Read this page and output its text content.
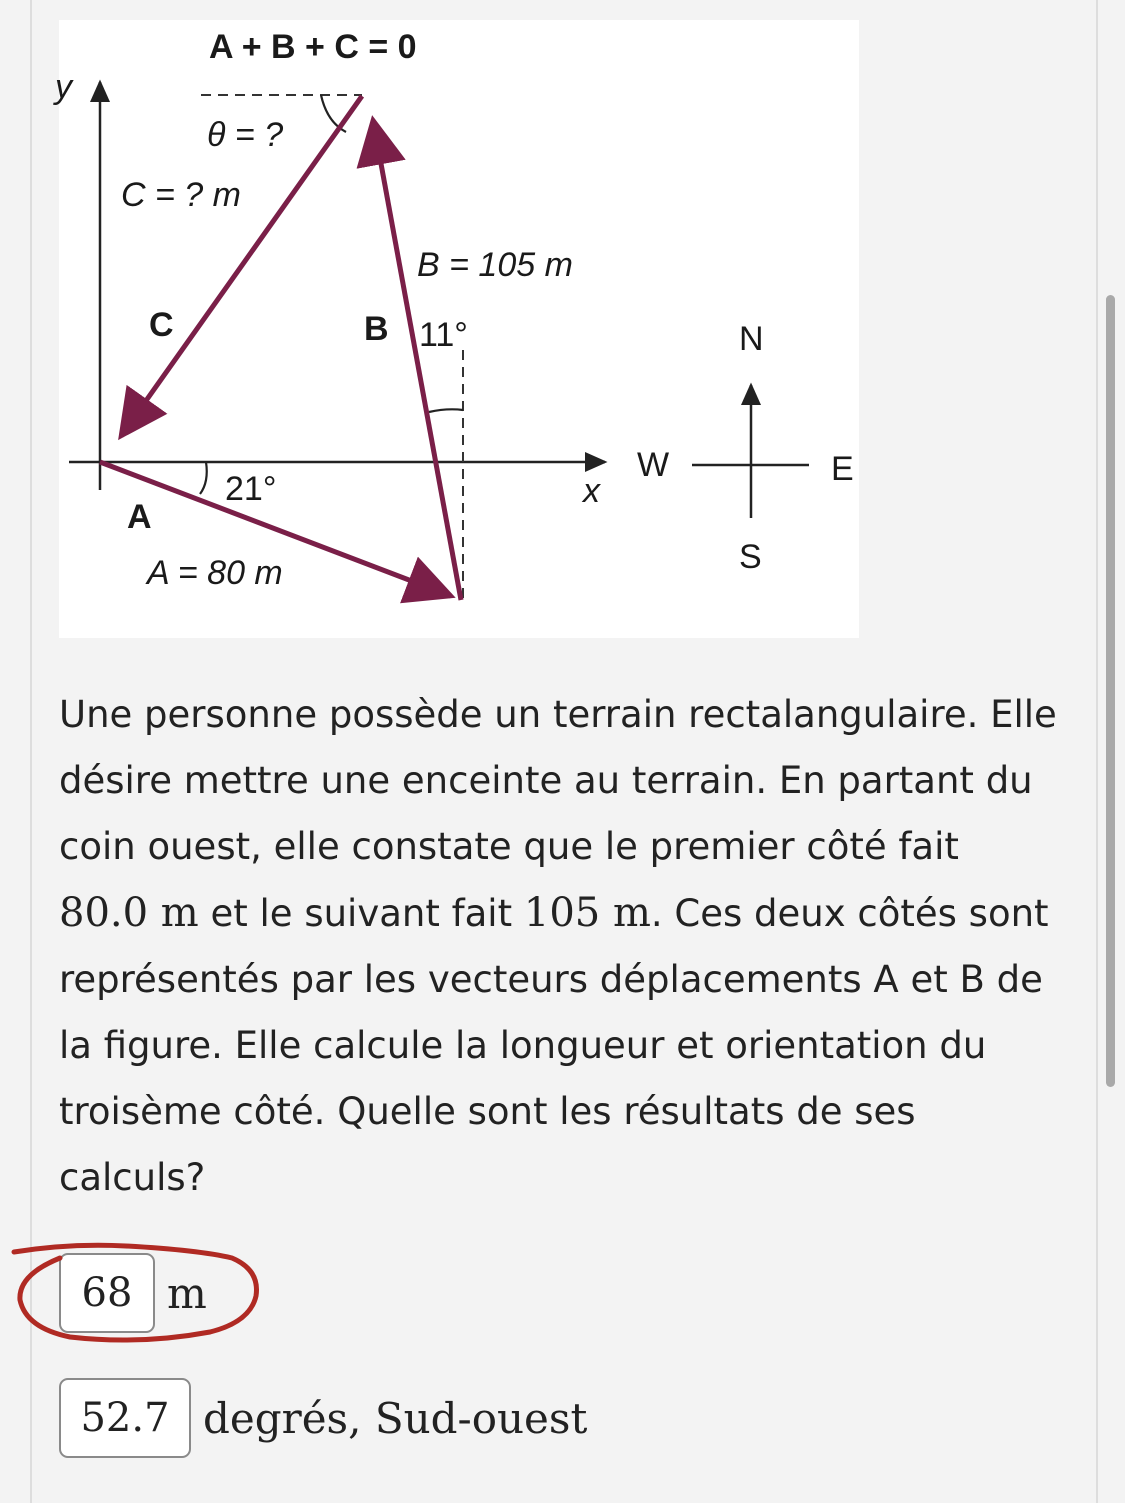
A + B + C = 0
y
θ = ?
C = ? m
B = 105 m
C	B 11°
21°
A
A = 80 m
x
N
W	E
S
Une personne possède un terrain rectalangulaire. Elle désire mettre une enceinte au terrain. En partant du coin ouest, elle constate que le premier côté fait 80.0 m et le suivant fait 105 m. Ces deux côtés sont représentés par les vecteurs déplacements A et B de la figure. Elle calcule la longueur et orientation du troisème côté. Quelle sont les résultats de ses calculs?
68 m
52.7 degrés, Sud-ouest
